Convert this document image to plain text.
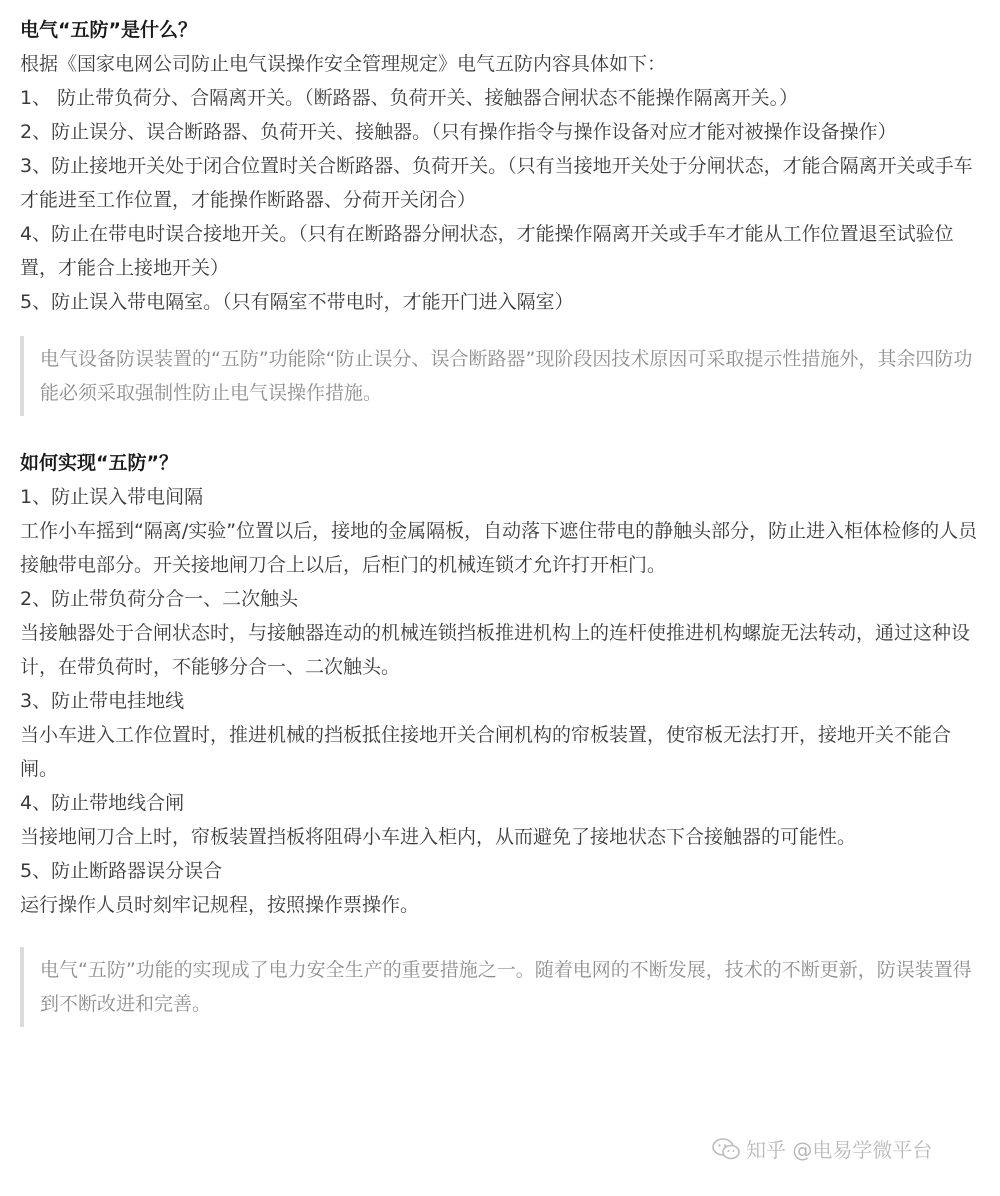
电气“五防”是什么？

根据《国家电网公司防止电气误操作安全管理规定》电气五防内容具体如下：

1、 防止带负荷分、合隔离开关。（断路器、负荷开关、接触器合闸状态不能操作隔离开关。）

2、防止误分、误合断路器、负荷开关、接触器。（只有操作指令与操作设备对应才能对被操作设备操作）

3、防止接地开关处于闭合位置时关合断路器、负荷开关。（只有当接地开关处于分闸状态，才能合隔离开关或手车才能进至工作位置，才能操作断路器、分荷开关闭合）

4、防止在带电时误合接地开关。（只有在断路器分闸状态，才能操作隔离开关或手车才能从工作位置退至试验位置，才能合上接地开关）

5、防止误入带电隔室。（只有隔室不带电时，才能开门进入隔室）

电气设备防误装置的“五防”功能除“防止误分、误合断路器”现阶段因技术原因可采取提示性措施外，其余四防功能必须采取强制性防止电气误操作措施。

如何实现“五防”？

1、防止误入带电间隔

工作小车摇到“隔离/实验”位置以后，接地的金属隔板，自动落下遮住带电的静触头部分，防止进入柜体检修的人员接触带电部分。开关接地闸刀合上以后，后柜门的机械连锁才允许打开柜门。

2、防止带负荷分合一、二次触头

当接触器处于合闸状态时，与接触器连动的机械连锁挡板推进机构上的连杆使推进机构螺旋无法转动，通过这种设计，在带负荷时，不能够分合一、二次触头。

3、防止带电挂地线

当小车进入工作位置时，推进机械的挡板抵住接地开关合闸机构的帘板装置，使帘板无法打开，接地开关不能合闸。

4、防止带地线合闸

当接地闸刀合上时，帘板装置挡板将阻碍小车进入柜内，从而避免了接地状态下合接触器的可能性。

5、防止断路器误分误合

运行操作人员时刻牢记规程，按照操作票操作。

电气“五防”功能的实现成了电力安全生产的重要措施之一。随着电网的不断发展，技术的不断更新，防误装置得到不断改进和完善。
知乎 @电易学微平台
